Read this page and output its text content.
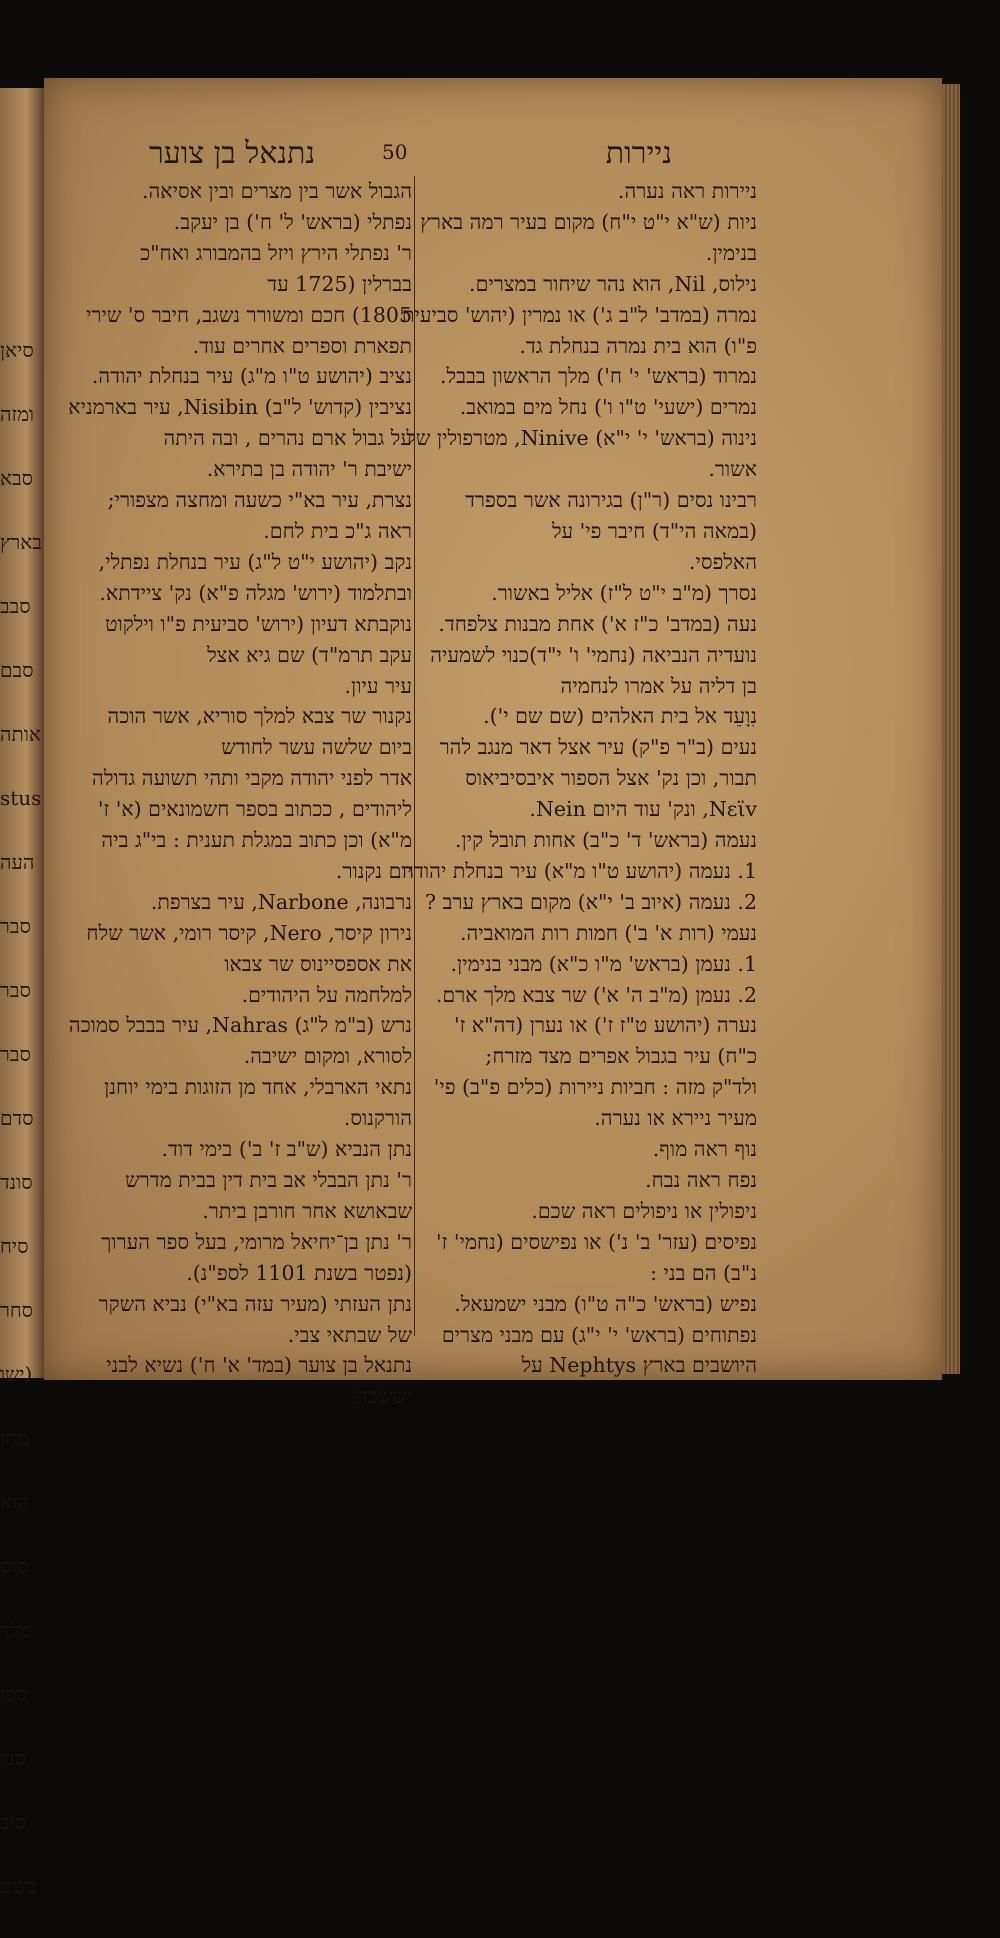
סיאן
ומזה
סבא
בארץ
סבב
סבם
אותה
stus
העה
סבר
סבר
סבר
סדם
סונד
סיח
סחר
(ישו
מחו
הוא
סוס
מלך
ספי
סבי
סיב
בשם
ניירות
50
נתנאל בן צוער
ניירות ראה נערה.
ניות (ש"א י"ט י"ח) מקום בעיר רמה בארץ
בנימין.
נילוס, Nil, הוא נהר שיחור במצרים.
נמרה (במדב' ל"ב ג') או נמרין (יהוש' סביעית
פ"ו) הוא בית נמרה בנחלת גד.
נמרוד (בראש' י' ח') מלך הראשון בבבל.
נמרים (ישעי' ט"ו ו') נחל מים במואב.
נינוה (בראש' י' י"א) Ninive, מטרפולין של
אשור.
רבינו נסים (ר"ן) בגירונה אשר בספרד
(במאה הי"ד) חיבר פי' על
האלפסי.
נסרך (מ"ב י"ט ל"ז) אליל באשור.
נעה (במדב' כ"ז א') אחת מבנות צלפחד.
נועדיה הנביאה (נחמי' ו' י"ד)כנוי לשמעיה
בן דליה על אמרו לנחמיה
נִוָעֵד אל בית האלהים (שם שם י').
נעים (ב"ר פ"ק) עיר אצל דאר מנגב להר
תבור, וכן נק' אצל הספור איבסיביאוס
Nεϊv, ונק' עוד היום Nein.
נעמה (בראש' ד' כ"ב) אחות תובל קין.
1. נעמה (יהושע ט"ו מ"א) עיר בנחלת יהודה.
2. נעמה (איוב ב' י"א) מקום בארץ ערב ?
נעמי (רות א' ב') חמות רות המואביה.
1. נעמן (בראש' מ"ו כ"א) מבני בנימין.
2. נעמן (מ"ב ה' א') שר צבא מלך ארם.
נערה (יהושע ט"ז ז') או נערן (דה"א ז'
כ"ח) עיר בגבול אפרים מצד מזרח;
ולד"ק מזה : חביות ניירות (כלים פ"ב) פי'
מעיר ניירא או נערה.
נוף ראה מוף.
נפח ראה נבח.
ניפולין או ניפולים ראה שכם.
נפיסים (עזר' ב' נ') או נפישסים (נחמי' ז'
נ"ב) הם בני :
נפיש (בראש' כ"ה ט"ו) מבני ישמעאל.
נפתוחים (בראש' י' י"ג) עם מבני מצרים
היושבים בארץ Nephtys על
הגבול אשר בין מצרים ובין אסיאה.
נפתלי (בראש' ל' ח') בן יעקב.
ר' נפתלי הירץ ויזל בהמבורג ואח"כ
בברלין (1725 עד
1805) חכם ומשורר נשגב, חיבר ס' שירי
תפארת וספרים אחרים עוד.
נציב (יהושע ט"ו מ"ג) עיר בנחלת יהודה.
נציבין (קדוש' ל"ב) Nisibin, עיר בארמניא
על גבול ארם נהרים , ובה היתה
ישיבת ר' יהודה בן בתירא.
נצרת, עיר בא"י כשעה ומחצה מצפורי;
ראה ג"כ בית לחם.
נקב (יהושע י"ט ל"ג) עיר בנחלת נפתלי,
ובתלמוד (ירוש' מגלה פ"א) נק' ציידתא.
נוקבתא דעיון (ירוש' סביעית פ"ו וילקוט
עקב תרמ"ד) שם גיא אצל
עיר עיון.
נקנור שר צבא למלך סוריא, אשר הוכה
ביום שלשה עשר לחודש
אדר לפני יהודה מקבי ותהי תשועה גדולה
ליהודים , ככתוב בספר חשמונאים (א' ז'
מ"א) וכן כתוב במגלת תענית : בי"ג ביה
יום נקנור.
נרבונה, Narbone, עיר בצרפת.
נירון קיסר, Nero, קיסר רומי, אשר שלח
את אספסיינוס שר צבאו
למלחמה על היהודים.
נרש (ב"מ ל"ג) Nahras, עיר בבבל סמוכה
לסורא, ומקום ישיבה.
נתאי הארבלי, אחד מן הזוגות בימי יוחנן
הורקנוס.
נתן הנביא (ש"ב ז' ב') בימי דוד.
ר' נתן הבבלי אב בית דין בבית מדרש
שבאושא אחר חורבן ביתר.
ר' נתן בן־יחיאל מרומי, בעל ספר הערוך
(נפטר בשנת 1101 לספ"נ).
נתן העזתי (מעיר עזה בא"י) נביא השקר
של שבתאי צבי.
נתנאל בן צוער (במד' א' ח') נשיא לבני
יששכר.
